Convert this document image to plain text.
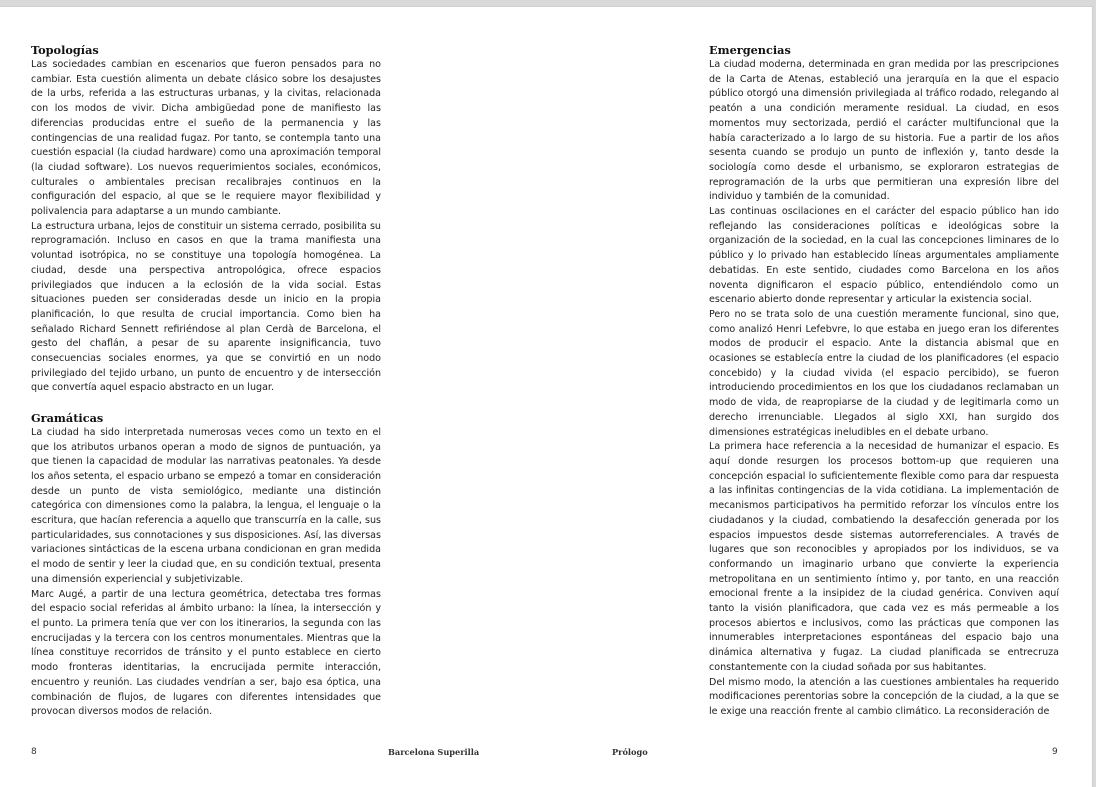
Topologías

Las sociedades cambian en escenarios que fueron pensados para no cambiar. Esta cuestión alimenta un debate clásico sobre los desajustes de la urbs, referida a las estructuras urbanas, y la civitas, relacionada con los modos de vivir. Dicha ambigüedad pone de manifiesto las diferencias producidas entre el sueño de la permanencia y las contingencias de una realidad fugaz. Por tanto, se contempla tanto una cuestión espacial (la ciudad hardware) como una aproximación temporal (la ciudad software). Los nuevos requerimientos sociales, económicos, culturales o ambientales precisan recalibrajes continuos en la configuración del espacio, al que se le requiere mayor flexibilidad y polivalencia para adaptarse a un mundo cambiante.

La estructura urbana, lejos de constituir un sistema cerrado, posibilita su reprogramación. Incluso en casos en que la trama manifiesta una voluntad isotrópica, no se constituye una topología homogénea. La ciudad, desde una perspectiva antropológica, ofrece espacios privilegiados que inducen a la eclosión de la vida social. Estas situaciones pueden ser consideradas desde un inicio en la propia planificación, lo que resulta de crucial importancia. Como bien ha señalado Richard Sennett refiriéndose al plan Cerdà de Barcelona, el gesto del chaflán, a pesar de su aparente insignificancia, tuvo consecuencias sociales enormes, ya que se convirtió en un nodo privilegiado del tejido urbano, un punto de encuentro y de intersección que convertía aquel espacio abstracto en un lugar.

Gramáticas

La ciudad ha sido interpretada numerosas veces como un texto en el que los atributos urbanos operan a modo de signos de puntuación, ya que tienen la capacidad de modular las narrativas peatonales. Ya desde los años setenta, el espacio urbano se empezó a tomar en consideración desde un punto de vista semiológico, mediante una distinción categórica con dimensiones como la palabra, la lengua, el lenguaje o la escritura, que hacían referencia a aquello que transcurría en la calle, sus particularidades, sus connotaciones y sus disposiciones. Así, las diversas variaciones sintácticas de la escena urbana condicionan en gran medida el modo de sentir y leer la ciudad que, en su condición textual, presenta una dimensión experiencial y subjetivizable.

Marc Augé, a partir de una lectura geométrica, detectaba tres formas del espacio social referidas al ámbito urbano: la línea, la intersección y el punto. La primera tenía que ver con los itinerarios, la segunda con las encrucijadas y la tercera con los centros monumentales. Mientras que la línea constituye recorridos de tránsito y el punto establece en cierto modo fronteras identitarias, la encrucijada permite interacción, encuentro y reunión. Las ciudades vendrían a ser, bajo esa óptica, una combinación de flujos, de lugares con diferentes intensidades que provocan diversos modos de relación.

Emergencias

La ciudad moderna, determinada en gran medida por las prescripciones de la Carta de Atenas, estableció una jerarquía en la que el espacio público otorgó una dimensión privilegiada al tráfico rodado, relegando al peatón a una condición meramente residual. La ciudad, en esos momentos muy sectorizada, perdió el carácter multifuncional que la había caracterizado a lo largo de su historia. Fue a partir de los años sesenta cuando se produjo un punto de inflexión y, tanto desde la sociología como desde el urbanismo, se exploraron estrategias de reprogramación de la urbs que permitieran una expresión libre del individuo y también de la comunidad.

Las continuas oscilaciones en el carácter del espacio público han ido reflejando las consideraciones políticas e ideológicas sobre la organización de la sociedad, en la cual las concepciones liminares de lo público y lo privado han establecido líneas argumentales ampliamente debatidas. En este sentido, ciudades como Barcelona en los años noventa dignificaron el espacio público, entendiéndolo como un escenario abierto donde representar y articular la existencia social.

Pero no se trata solo de una cuestión meramente funcional, sino que, como analizó Henri Lefebvre, lo que estaba en juego eran los diferentes modos de producir el espacio. Ante la distancia abismal que en ocasiones se establecía entre la ciudad de los planificadores (el espacio concebido) y la ciudad vivida (el espacio percibido), se fueron introduciendo procedimientos en los que los ciudadanos reclamaban un modo de vida, de reapropiarse de la ciudad y de legitimarla como un derecho irrenunciable. Llegados al siglo XXI, han surgido dos dimensiones estratégicas ineludibles en el debate urbano.

La primera hace referencia a la necesidad de humanizar el espacio. Es aquí donde resurgen los procesos bottom-up que requieren una concepción espacial lo suficientemente flexible como para dar respuesta a las infinitas contingencias de la vida cotidiana. La implementación de mecanismos participativos ha permitido reforzar los vínculos entre los ciudadanos y la ciudad, combatiendo la desafección generada por los espacios impuestos desde sistemas autorreferenciales. A través de lugares que son reconocibles y apropiados por los individuos, se va conformando un imaginario urbano que convierte la experiencia metropolitana en un sentimiento íntimo y, por tanto, en una reacción emocional frente a la insipidez de la ciudad genérica. Conviven aquí tanto la visión planificadora, que cada vez es más permeable a los procesos abiertos e inclusivos, como las prácticas que componen las innumerables interpretaciones espontáneas del espacio bajo una dinámica alternativa y fugaz. La ciudad planificada se entrecruza constantemente con la ciudad soñada por sus habitantes.

Del mismo modo, la atención a las cuestiones ambientales ha requerido modificaciones perentorias sobre la concepción de la ciudad, a la que se le exige una reacción frente al cambio climático. La reconsideración de

8	Barcelona Superilla	Prólogo	9
